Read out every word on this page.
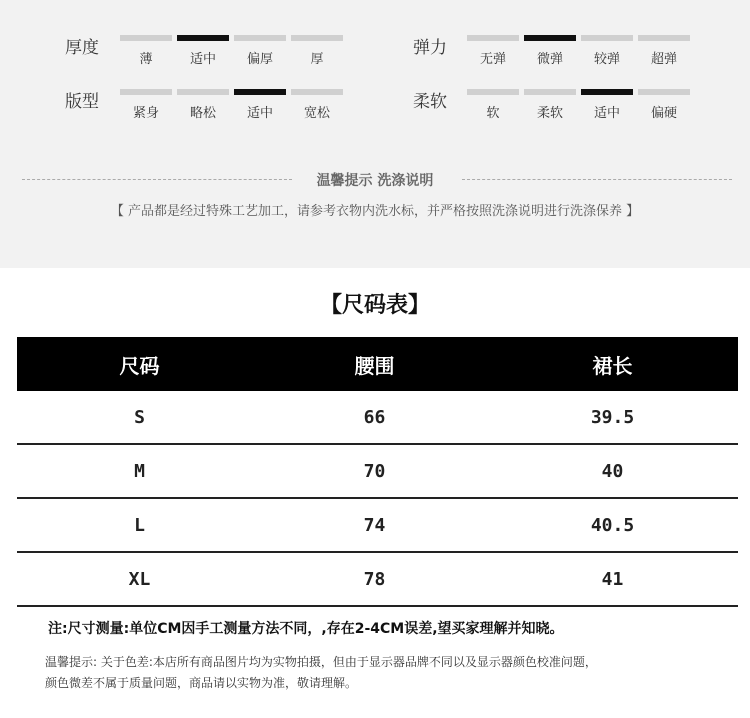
厚度
薄	适中	偏厚	厚
弹力
无弹	微弹	较弹	超弹
版型
紧身	略松	适中	宽松
柔软
软	柔软	适中	偏硬
温馨提示 洗涤说明
【 产品都是经过特殊工艺加工，请参考衣物内洗水标，并严格按照洗涤说明进行洗涤保养 】
【尺码表】
尺码	腰围	裙长
S	66	39.5
M	70	40
L	74	40.5
XL	78	41
注:尺寸测量:单位CM因手工测量方法不同，,存在2-4CM误差,望买家理解并知晓。
温馨提示: 关于色差:本店所有商品图片均为实物拍摄，但由于显示器品牌不同以及显示器颜色校准问题，
颜色微差不属于质量问题，商品请以实物为准，敬请理解。
